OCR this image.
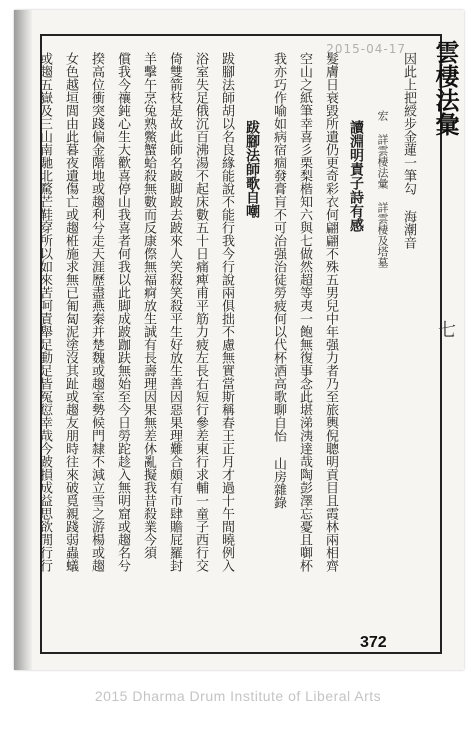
2015-04-17 雲棲法彙
七
因此上把綬步金蓮一筆勾 海潮音
宏 詳雲棲法彙 詳雲棲及塔墓
讀淵明責子詩有感
髮膚日衰毀所遺仍更奇彩衣何翩翩不殊五男兒中年强力者乃至旅輿倪聰明貢目且霞林兩相齊
空山之紙筆幸喜彡栗梨楷知六與七做然超等夷一飽無復事念此堪涕洟達哉陶彭澤忘憂且啣杯
我亦巧作喻如病宿痼發膏肓不可治强治徒勞疲何以代杯酒高歌聊自怡 山房雜錄
跋腳法師歌自嘲
跋腳法師胡以名良緣能說不能行我今行說兩俱拙不慮無實當斯稱春王正月才過十午間曉例入
浴室失足俄沉百沸湯不起床數五十日痛痺甫平筋力疲左長右短行參差東行求輔一童子西行交
倚雙箭枝是故此師名跛脚跛去跛來人笑殺笑殺平生好放生善因惡果理難合頗有市肆贍屁羅封
羊擊午烹兔熟鱉蟹蛤殺無數而反康傺無福痾放生誠有長壽理因果無差休亂擬我昔殺業今須
償我今禳鈍心生大歡喜停山我喜者何我以此脚成跛跏趺無始至今日勞跎趁入無明窟或趨名兮
揆高位衝突踐偏金階地或趨利兮走天涯歷盡燕秦并楚魏或趨室勢候門隸不減立雪之游楊或趨
女色越垣閭由此暮夜遺傷亡或趨栣施求無已匍匐泥塗沒其趾或趨友朋時往來破覓親踐弱蟲蟻
或趨五嶽及三山南馳北騖芒鞋穿所以如來苦呵責舉足動足皆冤愆幸哉今跛損成益思欲閒行行
372
2015 Dharma Drum Institute of Liberal Arts
